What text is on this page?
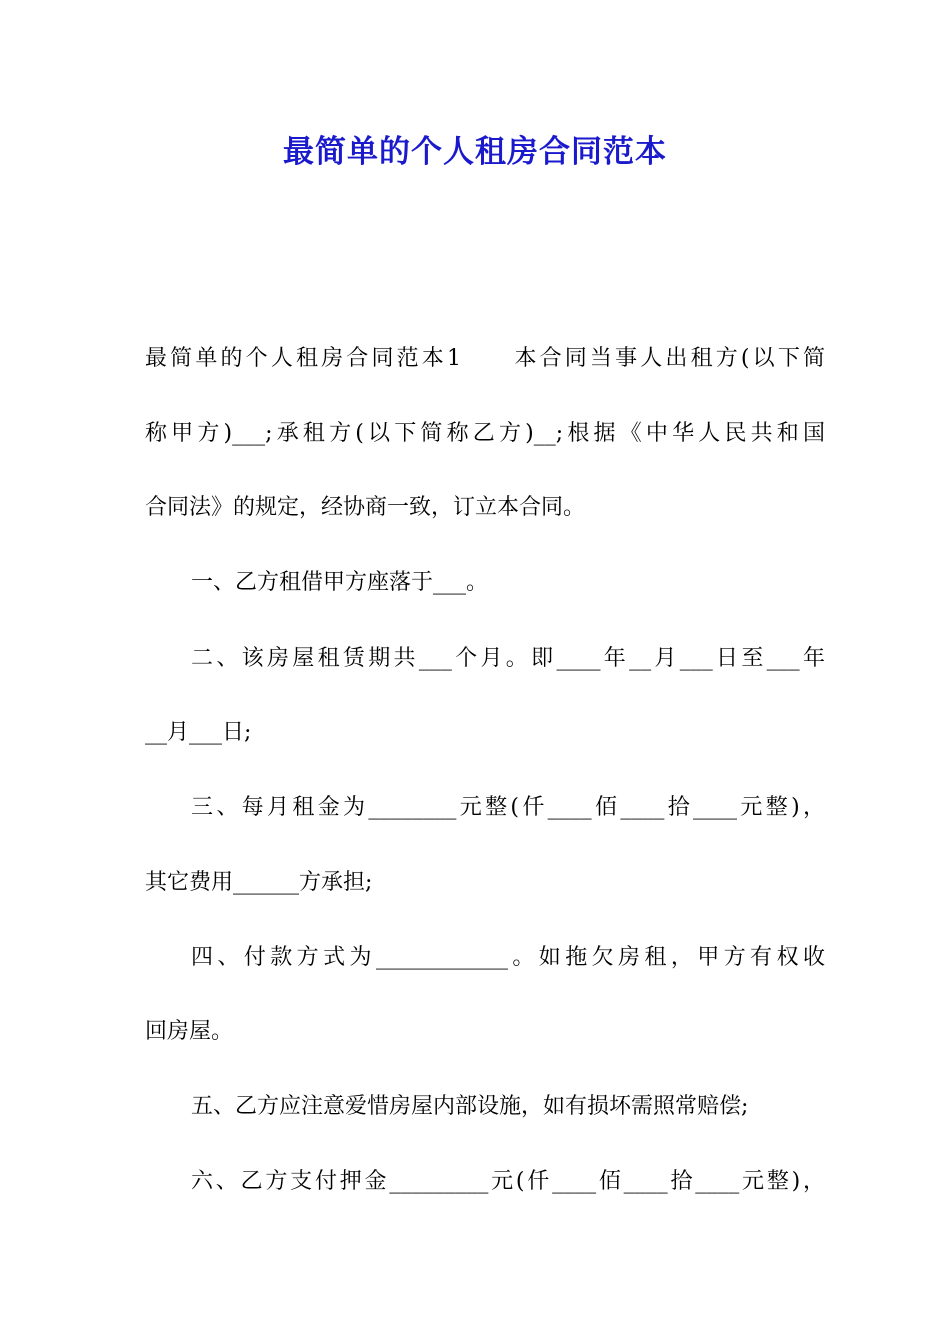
最简单的个人租房合同范本
最简单的个人租房合同范本1　　本合同当事人出租方(以下简
称甲方)___;承租方(以下简称乙方)__;根据《中华人民共和国
合同法》的规定，经协商一致，订立本合同。
一、乙方租借甲方座落于___。
二、该房屋租赁期共___个月。即____年__月___日至___年
__月___日;
三、每月租金为________元整(仟____佰____拾____元整)，
其它费用______方承担;
四、付款方式为____________。如拖欠房租，甲方有权收
回房屋。
五、乙方应注意爱惜房屋内部设施，如有损坏需照常赔偿;
六、乙方支付押金_________元(仟____佰____拾____元整)，
